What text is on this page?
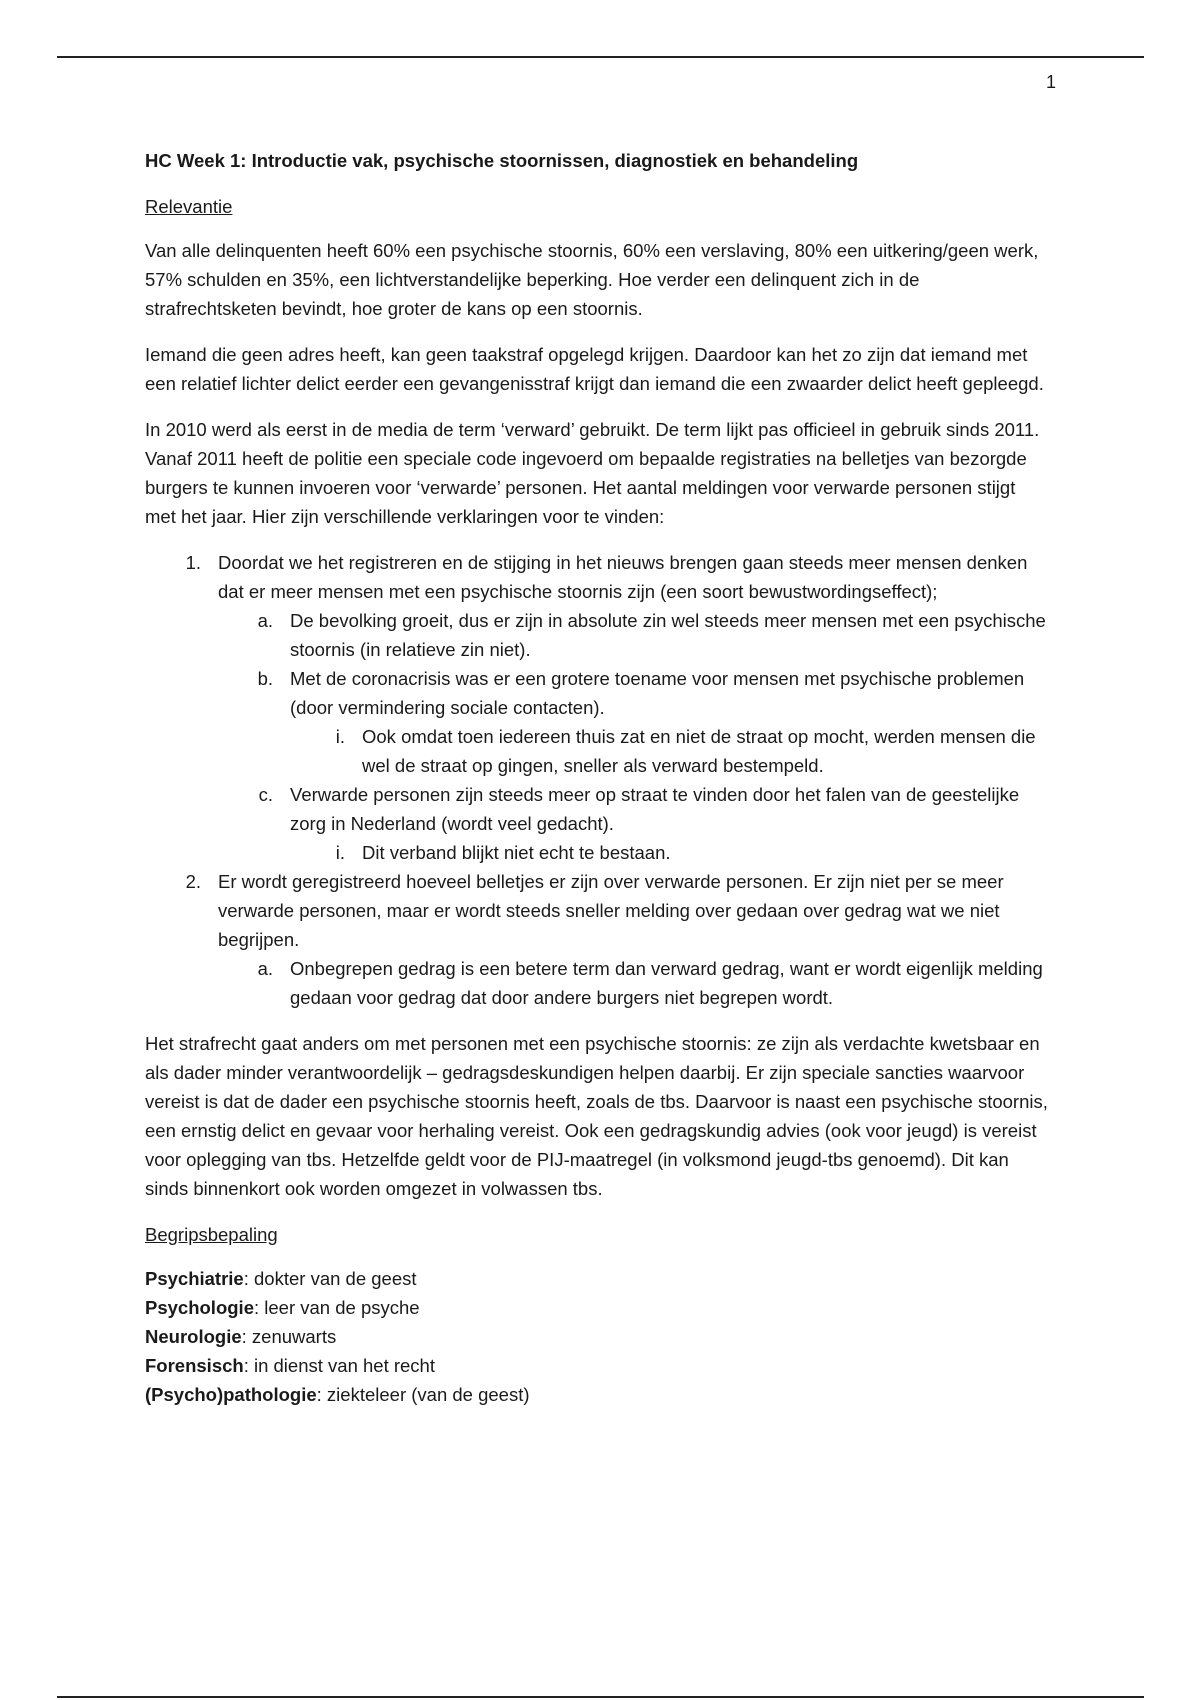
1

HC Week 1: Introductie vak, psychische stoornissen, diagnostiek en behandeling

Relevantie

Van alle delinquenten heeft 60% een psychische stoornis, 60% een verslaving, 80% een uitkering/geen werk, 57% schulden en 35%, een lichtverstandelijke beperking. Hoe verder een delinquent zich in de strafrechtsketen bevindt, hoe groter de kans op een stoornis.

Iemand die geen adres heeft, kan geen taakstraf opgelegd krijgen. Daardoor kan het zo zijn dat iemand met een relatief lichter delict eerder een gevangenisstraf krijgt dan iemand die een zwaarder delict heeft gepleegd.

In 2010 werd als eerst in de media de term ‘verward’ gebruikt. De term lijkt pas officieel in gebruik sinds 2011. Vanaf 2011 heeft de politie een speciale code ingevoerd om bepaalde registraties na belletjes van bezorgde burgers te kunnen invoeren voor ‘verwarde’ personen. Het aantal meldingen voor verwarde personen stijgt met het jaar. Hier zijn verschillende verklaringen voor te vinden:

1. Doordat we het registreren en de stijging in het nieuws brengen gaan steeds meer mensen denken dat er meer mensen met een psychische stoornis zijn (een soort bewustwordingseffect);
a. De bevolking groeit, dus er zijn in absolute zin wel steeds meer mensen met een psychische stoornis (in relatieve zin niet).
b. Met de coronacrisis was er een grotere toename voor mensen met psychische problemen (door vermindering sociale contacten).
i. Ook omdat toen iedereen thuis zat en niet de straat op mocht, werden mensen die wel de straat op gingen, sneller als verward bestempeld.
c. Verwarde personen zijn steeds meer op straat te vinden door het falen van de geestelijke zorg in Nederland (wordt veel gedacht).
i. Dit verband blijkt niet echt te bestaan.
2. Er wordt geregistreerd hoeveel belletjes er zijn over verwarde personen. Er zijn niet per se meer verwarde personen, maar er wordt steeds sneller melding over gedaan over gedrag wat we niet begrijpen.
a. Onbegrepen gedrag is een betere term dan verward gedrag, want er wordt eigenlijk melding gedaan voor gedrag dat door andere burgers niet begrepen wordt.

Het strafrecht gaat anders om met personen met een psychische stoornis: ze zijn als verdachte kwetsbaar en als dader minder verantwoordelijk – gedragsdeskundigen helpen daarbij. Er zijn speciale sancties waarvoor vereist is dat de dader een psychische stoornis heeft, zoals de tbs. Daarvoor is naast een psychische stoornis, een ernstig delict en gevaar voor herhaling vereist. Ook een gedragskundig advies (ook voor jeugd) is vereist voor oplegging van tbs. Hetzelfde geldt voor de PIJ-maatregel (in volksmond jeugd-tbs genoemd). Dit kan sinds binnenkort ook worden omgezet in volwassen tbs.

Begripsbepaling

Psychiatrie: dokter van de geest
Psychologie: leer van de psyche
Neurologie: zenuwarts
Forensisch: in dienst van het recht
(Psycho)pathologie: ziekteleer (van de geest)
